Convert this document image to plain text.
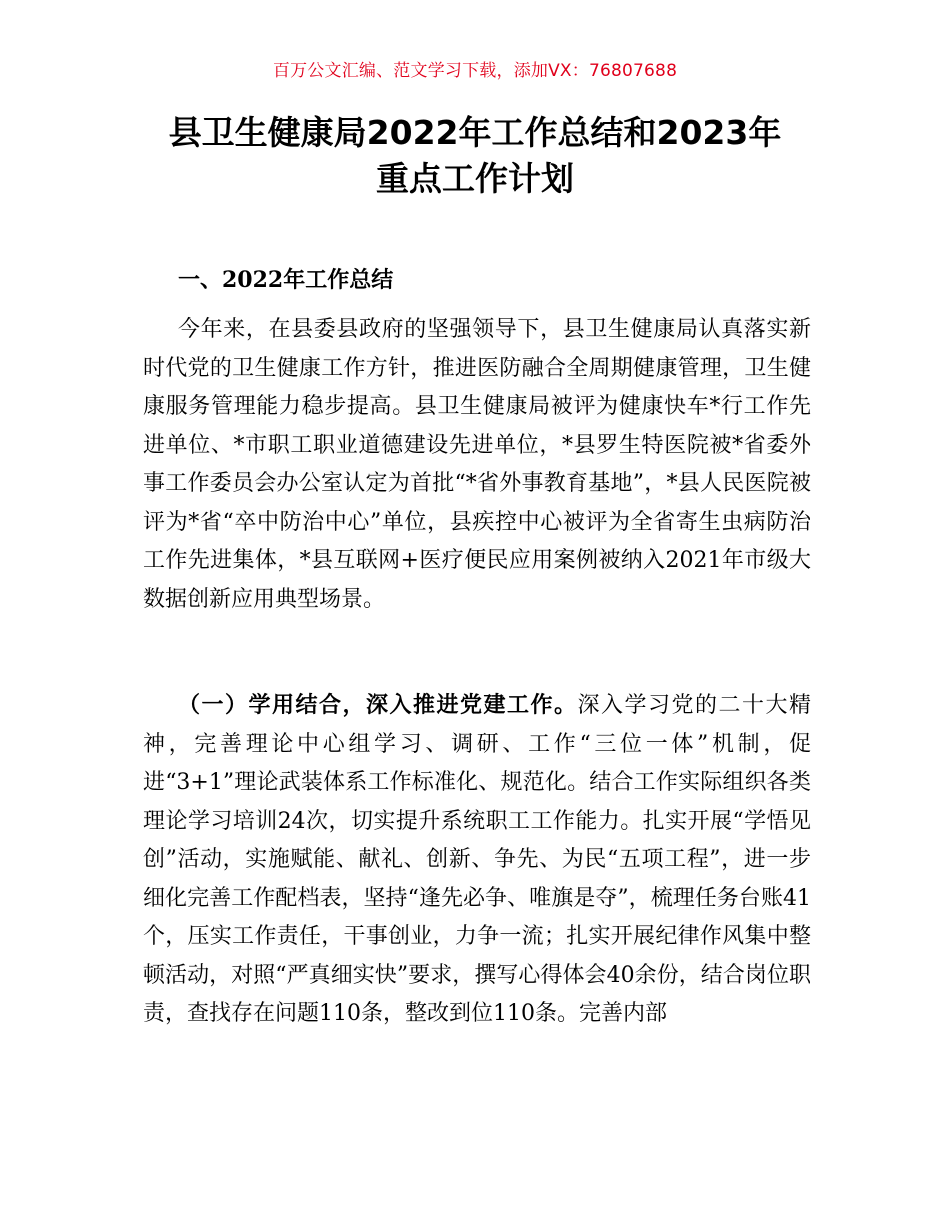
百万公文汇编、范文学习下载，添加VX：76807688
县卫生健康局2022年工作总结和2023年
重点工作计划
一、2022年工作总结

今年来，在县委县政府的坚强领导下，县卫生健康局认真落实新时代党的卫生健康工作方针，推进医防融合全周期健康管理，卫生健康服务管理能力稳步提高。县卫生健康局被评为健康快车*行工作先进单位、*市职工职业道德建设先进单位，*县罗生特医院被*省委外事工作委员会办公室认定为首批“*省外事教育基地”，*县人民医院被评为*省“卒中防治中心”单位，县疾控中心被评为全省寄生虫病防治工作先进集体，*县互联网+医疗便民应用案例被纳入2021年市级大数据创新应用典型场景。

（一）学用结合，深入推进党建工作。深入学习党的二十大精神，完善理论中心组学习、调研、工作“三位一体”机制，促进“3+1”理论武装体系工作标准化、规范化。结合工作实际组织各类理论学习培训24次，切实提升系统职工工作能力。扎实开展“学悟见创”活动，实施赋能、献礼、创新、争先、为民“五项工程”，进一步细化完善工作配档表，坚持“逢先必争、唯旗是夺”，梳理任务台账41个，压实工作责任，干事创业，力争一流；扎实开展纪律作风集中整顿活动，对照“严真细实快”要求，撰写心得体会40余份，结合岗位职责，查找存在问题110条，整改到位110条。完善内部
